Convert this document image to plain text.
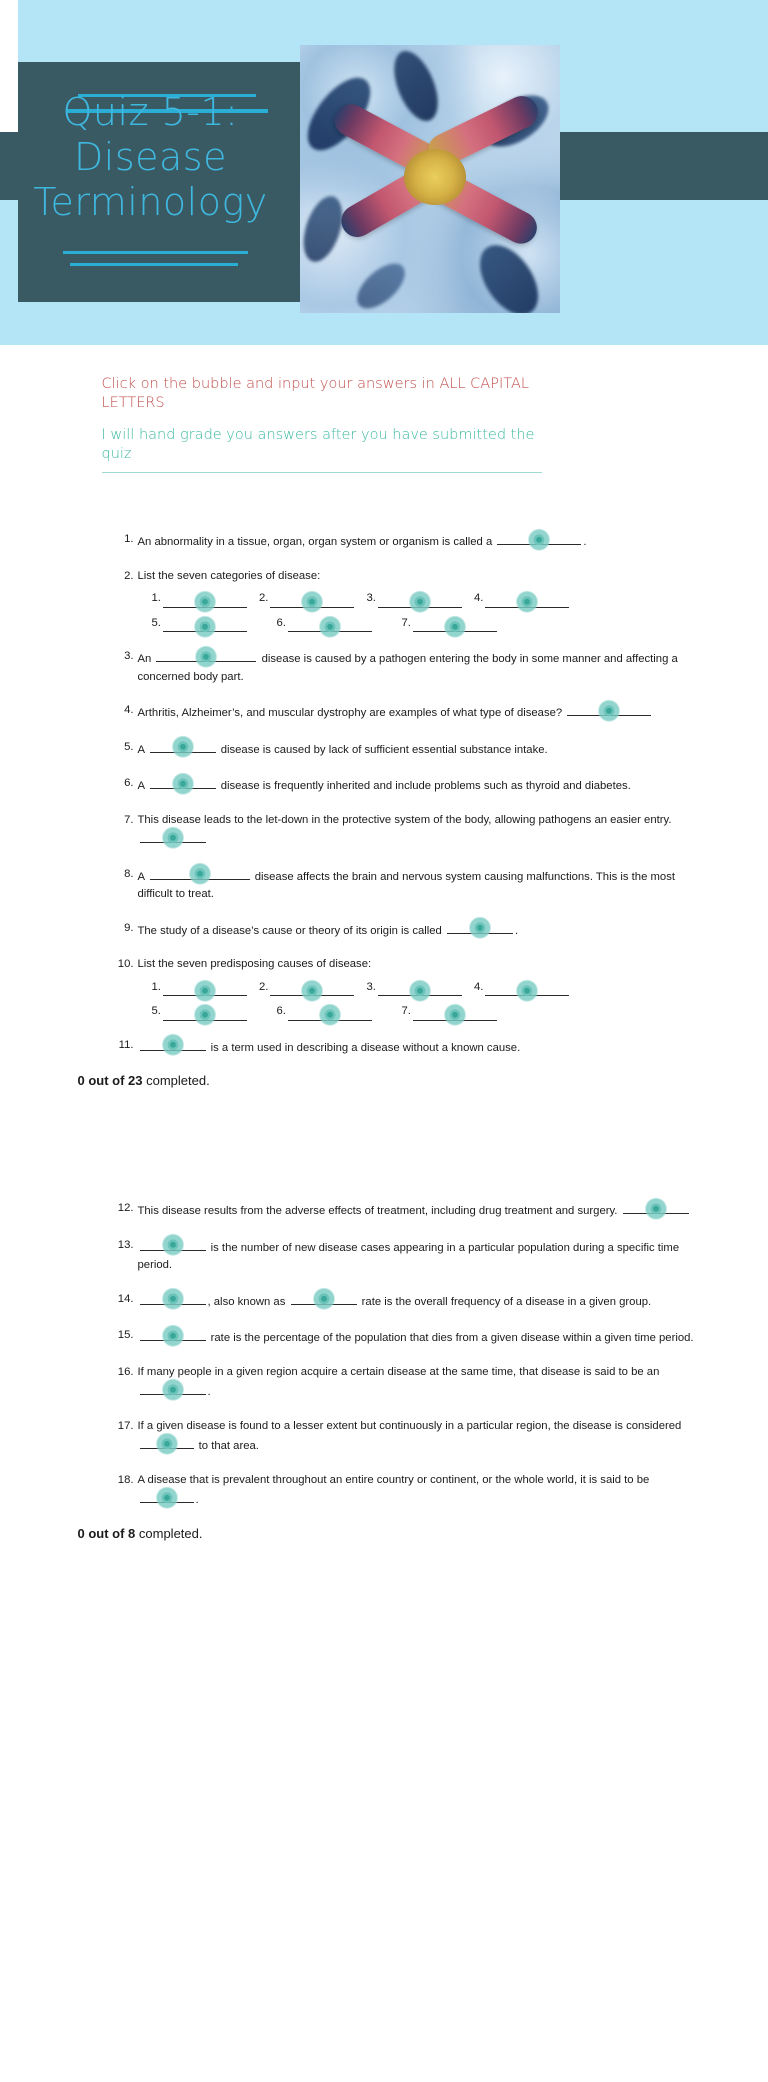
Quiz 5-1:
Disease
Terminology
Click on the bubble and input your answers in ALL CAPITAL LETTERS
I will hand grade you answers after you have submitted the quiz
An abnormality in a tissue, organ, organ system or organism is called a	.
List the seven categories of disease:
1.	2.	3.	4.
5.	6.	7.
An	disease is caused by a pathogen entering the body in some manner and affecting a concerned body part.
Arthritis, Alzheimer’s, and muscular dystrophy are examples of what type of disease?
A	disease is caused by lack of sufficient essential substance intake.
A	disease is frequently inherited and include problems such as thyroid and diabetes.
This disease leads to the let-down in the protective system of the body, allowing pathogens an easier entry.
A	disease affects the brain and nervous system causing malfunctions. This is the most difficult to treat.
The study of a disease’s cause or theory of its origin is called	.
List the seven predisposing causes of disease:
1.	2.	3.	4.
5.	6.	7.
is a term used in describing a disease without a known cause.
0 out of 23 completed.
This disease results from the adverse effects of treatment, including drug treatment and surgery.
is the number of new disease cases appearing in a particular population during a specific time period.
, also known as	rate is the overall frequency of a disease in a given group.
rate is the percentage of the population that dies from a given disease within a given time period.
If many people in a given region acquire a certain disease at the same time, that disease is said to be an
.
If a given disease is found to a lesser extent but continuously in a particular region, the disease is considered
to that area.
A disease that is prevalent throughout an entire country or continent, or the whole world, it is said to be
.
0 out of 8 completed.
